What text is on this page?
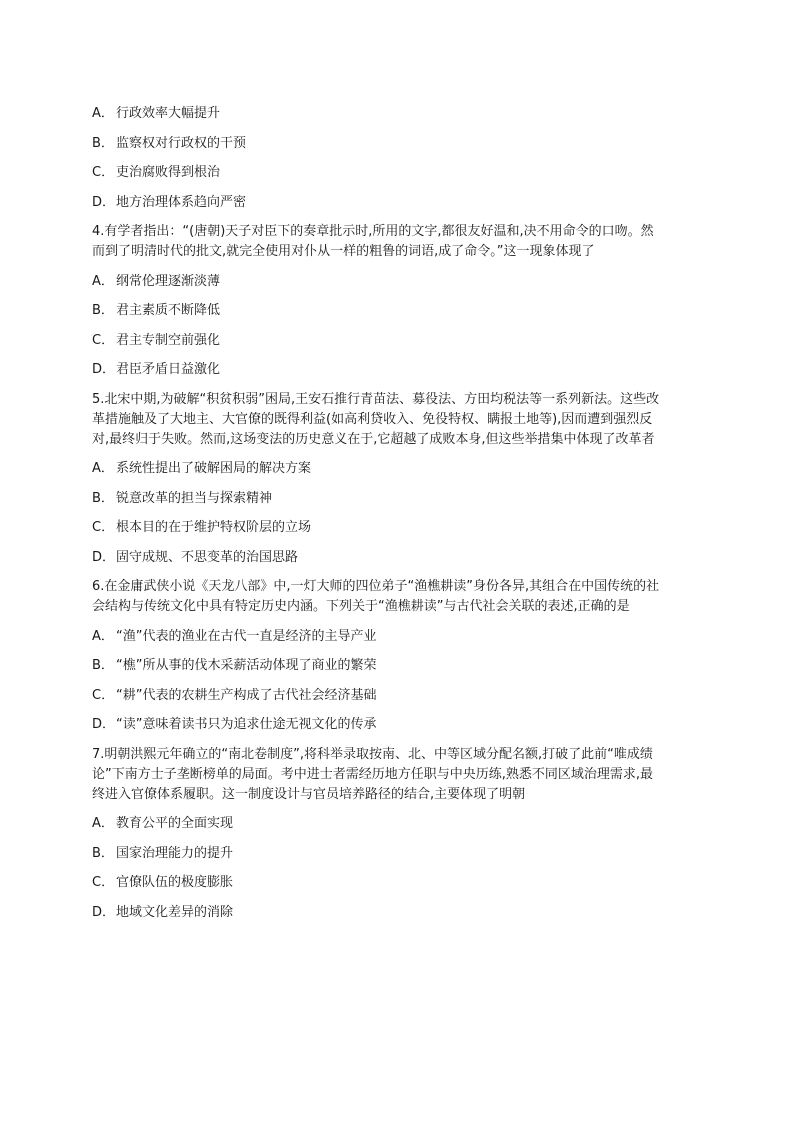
A． 行政效率大幅提升
B． 监察权对行政权的干预
C． 吏治腐败得到根治
D．地方治理体系趋向严密
4.有学者指出：“(唐朝)天子对臣下的奏章批示时,所用的文字,都很友好温和,决不用命令的口吻。然
而到了明清时代的批文,就完全使用对仆从一样的粗鲁的词语,成了命令。”这一现象体现了
A． 纲常伦理逐渐淡薄
B． 君主素质不断降低
C． 君主专制空前强化
D．君臣矛盾日益激化
5.北宋中期,为破解“积贫积弱”困局,王安石推行青苗法、募役法、方田均税法等一系列新法。这些改
革措施触及了大地主、大官僚的既得利益(如高利贷收入、免役特权、瞒报土地等),因而遭到强烈反
对,最终归于失败。然而,这场变法的历史意义在于,它超越了成败本身,但这些举措集中体现了改革者
A． 系统性提出了破解困局的解决方案
B． 锐意改革的担当与探索精神
C． 根本目的在于维护特权阶层的立场
D．固守成规、不思变革的治国思路
6.在金庸武侠小说《天龙八部》中,一灯大师的四位弟子“渔樵耕读”身份各异,其组合在中国传统的社
会结构与传统文化中具有特定历史内涵。下列关于“渔樵耕读”与古代社会关联的表述,正确的是
A． “渔”代表的渔业在古代一直是经济的主导产业
B． “樵”所从事的伐木采薪活动体现了商业的繁荣
C． “耕”代表的农耕生产构成了古代社会经济基础
D．“读”意味着读书只为追求仕途无视文化的传承
7.明朝洪熙元年确立的“南北卷制度”,将科举录取按南、北、中等区域分配名额,打破了此前“唯成绩
论”下南方士子垄断榜单的局面。考中进士者需经历地方任职与中央历练,熟悉不同区域治理需求,最
终进入官僚体系履职。这一制度设计与官员培养路径的结合,主要体现了明朝
A． 教育公平的全面实现
B． 国家治理能力的提升
C． 官僚队伍的极度膨胀
D．地域文化差异的消除
